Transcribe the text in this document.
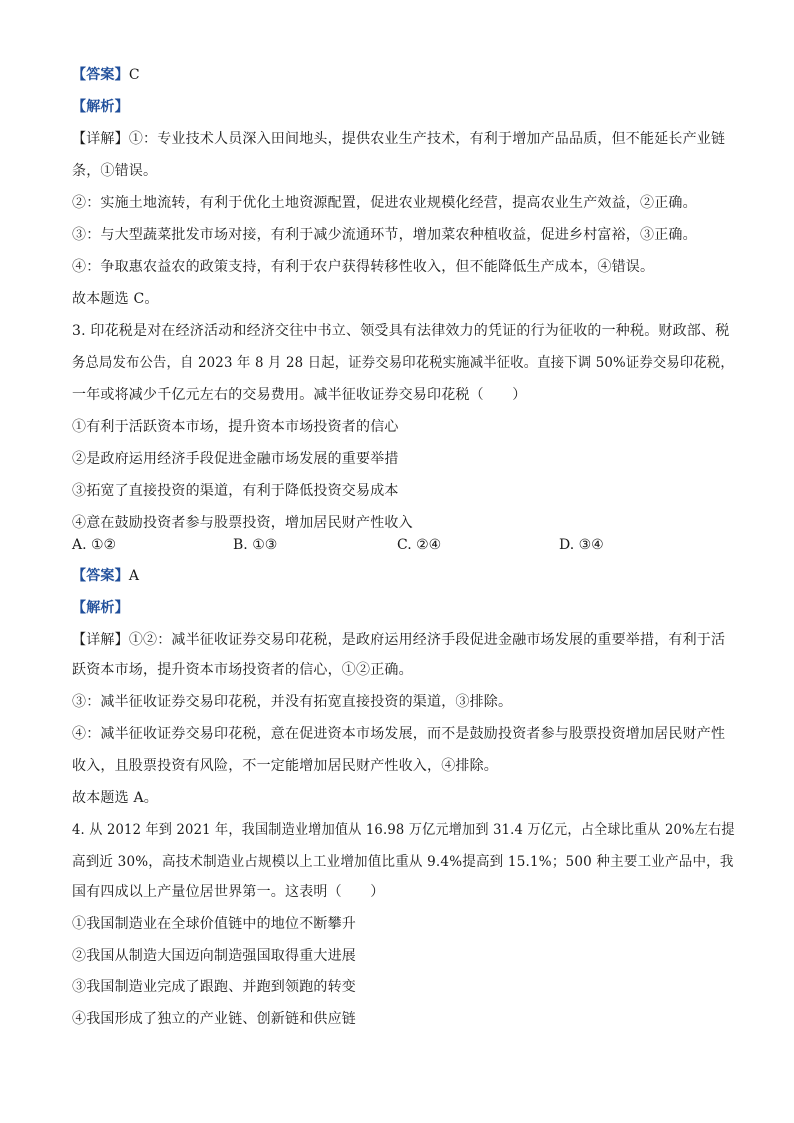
【答案】C
【解析】
【详解】①：专业技术人员深入田间地头，提供农业生产技术，有利于增加产品品质，但不能延长产业链
条，①错误。
②：实施土地流转，有利于优化土地资源配置，促进农业规模化经营，提高农业生产效益，②正确。
③：与大型蔬菜批发市场对接，有利于减少流通环节，增加菜农种植收益，促进乡村富裕，③正确。
④：争取惠农益农的政策支持，有利于农户获得转移性收入，但不能降低生产成本，④错误。
故本题选 C。
3. 印花税是对在经济活动和经济交往中书立、领受具有法律效力的凭证的行为征收的一种税。财政部、税
务总局发布公告，自 2023 年 8 月 28 日起，证券交易印花税实施减半征收。直接下调 50%证券交易印花税，
一年或将减少千亿元左右的交易费用。减半征收证券交易印花税（　　）
①有利于活跃资本市场，提升资本市场投资者的信心
②是政府运用经济手段促进金融市场发展的重要举措
③拓宽了直接投资的渠道，有利于降低投资交易成本
④意在鼓励投资者参与股票投资，增加居民财产性收入
A. ①②	B. ①③	C. ②④	D. ③④
【答案】A
【解析】
【详解】①②：减半征收证券交易印花税，是政府运用经济手段促进金融市场发展的重要举措，有利于活
跃资本市场，提升资本市场投资者的信心，①②正确。
③：减半征收证券交易印花税，并没有拓宽直接投资的渠道，③排除。
④：减半征收证券交易印花税，意在促进资本市场发展，而不是鼓励投资者参与股票投资增加居民财产性
收入，且股票投资有风险，不一定能增加居民财产性收入，④排除。
故本题选 A。
4. 从 2012 年到 2021 年，我国制造业增加值从 16.98 万亿元增加到 31.4 万亿元，占全球比重从 20%左右提
高到近 30%，高技术制造业占规模以上工业增加值比重从 9.4%提高到 15.1%；500 种主要工业产品中，我
国有四成以上产量位居世界第一。这表明（　　）
①我国制造业在全球价值链中的地位不断攀升
②我国从制造大国迈向制造强国取得重大进展
③我国制造业完成了跟跑、并跑到领跑的转变
④我国形成了独立的产业链、创新链和供应链
